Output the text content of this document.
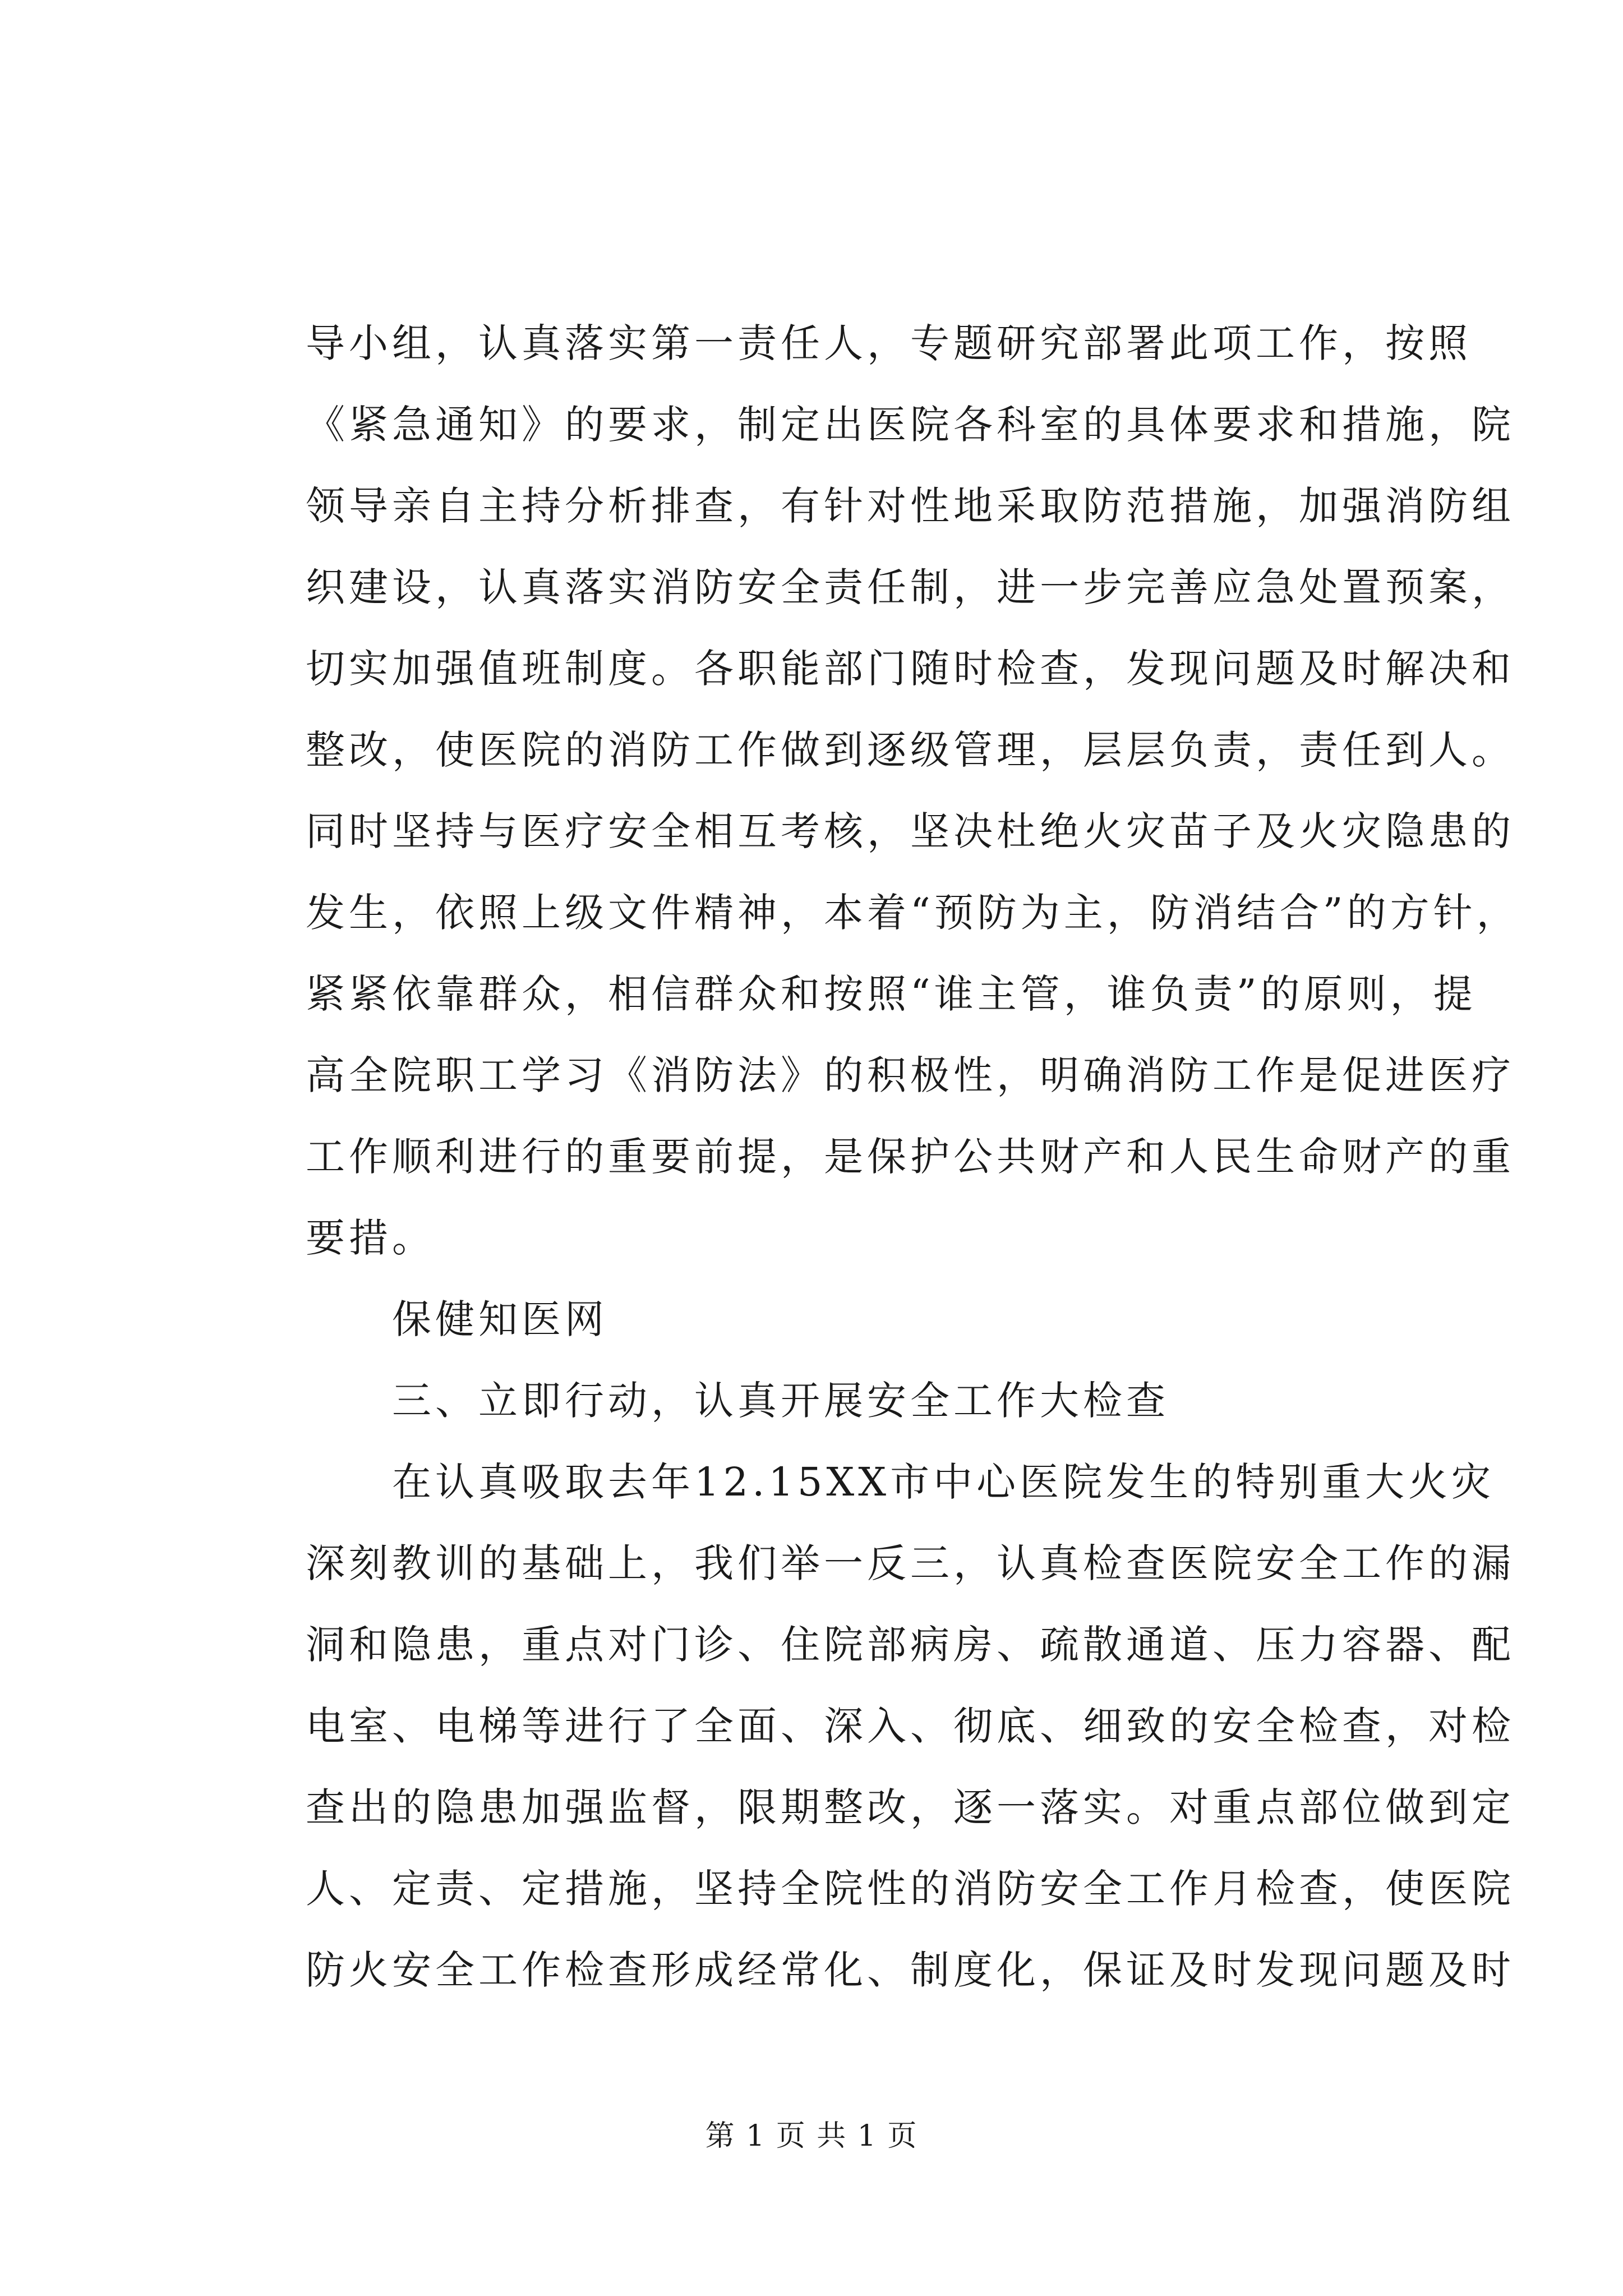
导小组，认真落实第一责任人，专题研究部署此项工作，按照
《紧急通知》的要求，制定出医院各科室的具体要求和措施，院
领导亲自主持分析排查，有针对性地采取防范措施，加强消防组
织建设，认真落实消防安全责任制，进一步完善应急处置预案，
切实加强值班制度。各职能部门随时检查，发现问题及时解决和
整改，使医院的消防工作做到逐级管理，层层负责，责任到人。
同时坚持与医疗安全相互考核，坚决杜绝火灾苗子及火灾隐患的
发生，依照上级文件精神，本着“预防为主，防消结合”的方针，
紧紧依靠群众，相信群众和按照“谁主管，谁负责”的原则，提
高全院职工学习《消防法》的积极性，明确消防工作是促进医疗
工作顺利进行的重要前提，是保护公共财产和人民生命财产的重
要措。
　　保健知医网
　　三、立即行动，认真开展安全工作大检查
　　在认真吸取去年12.15XX市中心医院发生的特别重大火灾
深刻教训的基础上，我们举一反三，认真检查医院安全工作的漏
洞和隐患，重点对门诊、住院部病房、疏散通道、压力容器、配
电室、电梯等进行了全面、深入、彻底、细致的安全检查，对检
查出的隐患加强监督，限期整改，逐一落实。对重点部位做到定
人、定责、定措施，坚持全院性的消防安全工作月检查，使医院
防火安全工作检查形成经常化、制度化，保证及时发现问题及时
第 1 页 共 1 页
